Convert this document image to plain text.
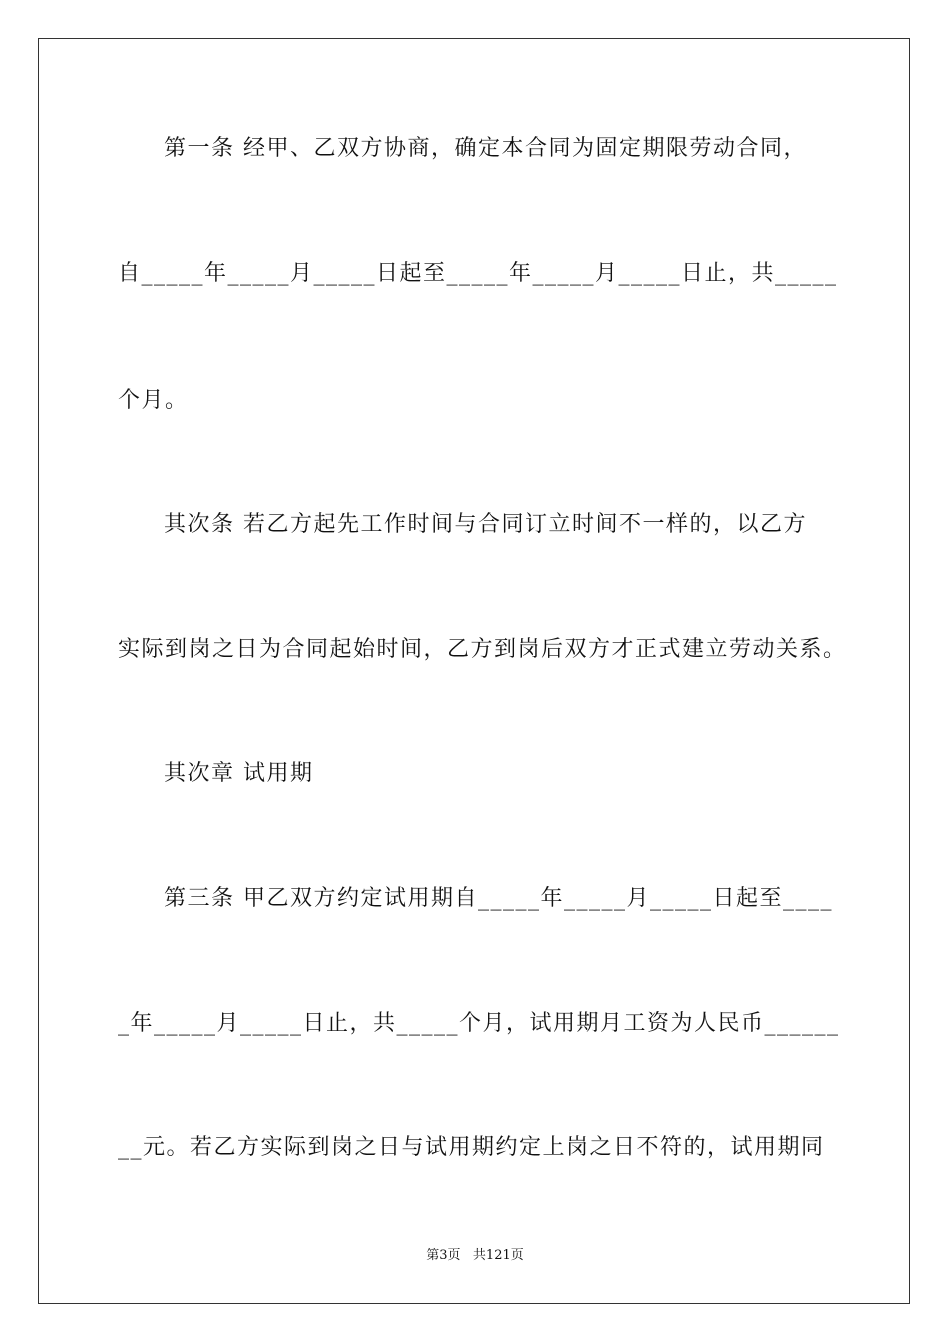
第一条 经甲、乙双方协商，确定本合同为固定期限劳动合同，
自_____年_____月_____日起至_____年_____月_____日止，共_____
个月。
其次条 若乙方起先工作时间与合同订立时间不一样的，以乙方
实际到岗之日为合同起始时间，乙方到岗后双方才正式建立劳动关系。
其次章 试用期
第三条 甲乙双方约定试用期自_____年_____月_____日起至____
_年_____月_____日止，共_____个月，试用期月工资为人民币______
__元。若乙方实际到岗之日与试用期约定上岗之日不符的，试用期同
第3页   共121页
